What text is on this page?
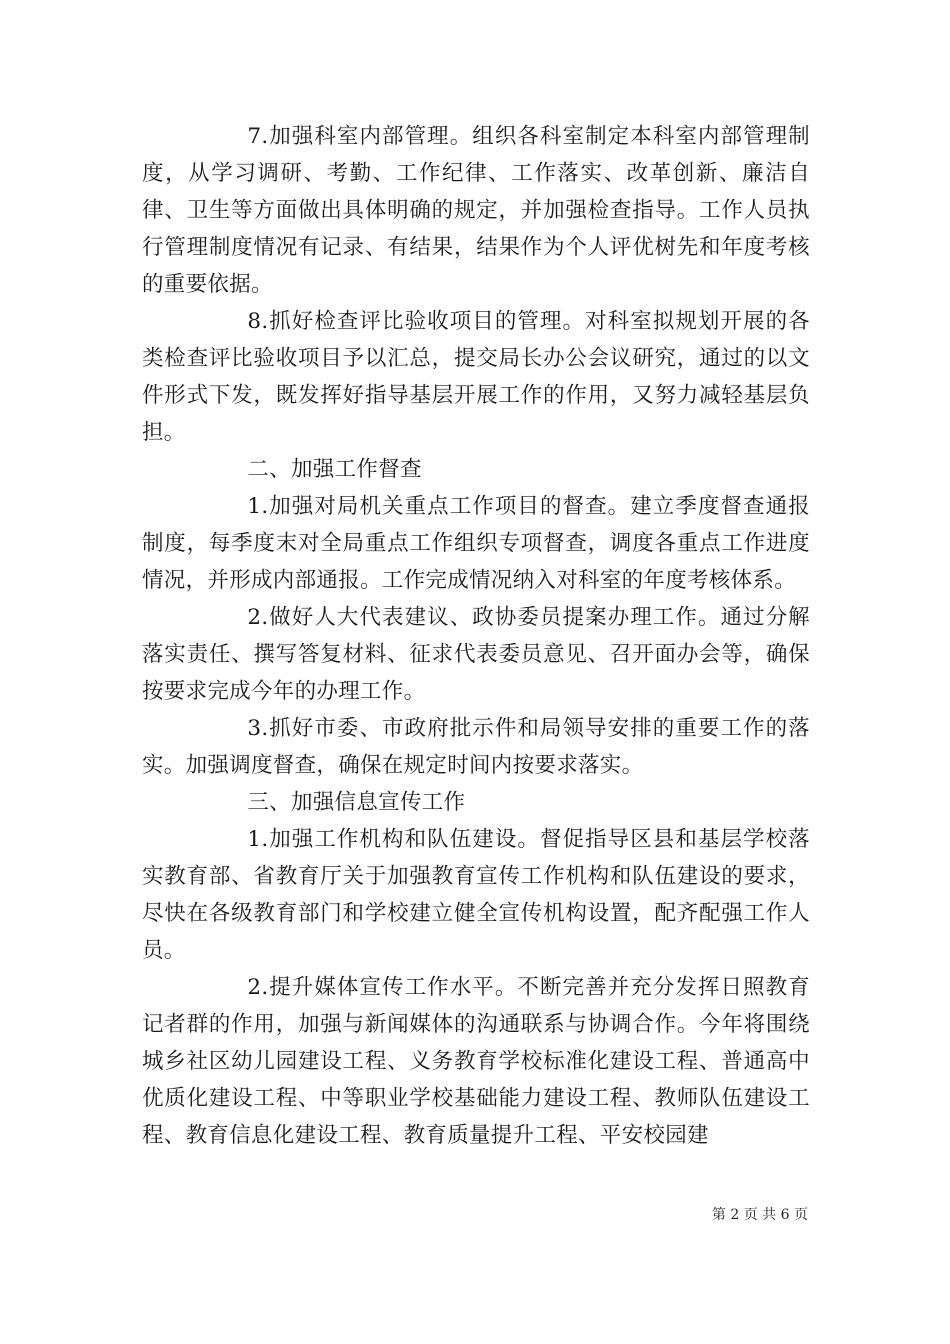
7.加强科室内部管理。组织各科室制定本科室内部管理制度，从学习调研、考勤、工作纪律、工作落实、改革创新、廉洁自律、卫生等方面做出具体明确的规定，并加强检查指导。工作人员执行管理制度情况有记录、有结果，结果作为个人评优树先和年度考核的重要依据。

8.抓好检查评比验收项目的管理。对科室拟规划开展的各类检查评比验收项目予以汇总，提交局长办公会议研究，通过的以文件形式下发，既发挥好指导基层开展工作的作用，又努力减轻基层负担。

二、加强工作督查

1.加强对局机关重点工作项目的督查。建立季度督查通报制度，每季度末对全局重点工作组织专项督查，调度各重点工作进度情况，并形成内部通报。工作完成情况纳入对科室的年度考核体系。

2.做好人大代表建议、政协委员提案办理工作。通过分解落实责任、撰写答复材料、征求代表委员意见、召开面办会等，确保按要求完成今年的办理工作。

3.抓好市委、市政府批示件和局领导安排的重要工作的落实。加强调度督查，确保在规定时间内按要求落实。

三、加强信息宣传工作

1.加强工作机构和队伍建设。督促指导区县和基层学校落实教育部、省教育厅关于加强教育宣传工作机构和队伍建设的要求，尽快在各级教育部门和学校建立健全宣传机构设置，配齐配强工作人员。

2.提升媒体宣传工作水平。不断完善并充分发挥日照教育记者群的作用，加强与新闻媒体的沟通联系与协调合作。今年将围绕城乡社区幼儿园建设工程、义务教育学校标准化建设工程、普通高中优质化建设工程、中等职业学校基础能力建设工程、教师队伍建设工程、教育信息化建设工程、教育质量提升工程、平安校园建

第 2 页 共 6 页
